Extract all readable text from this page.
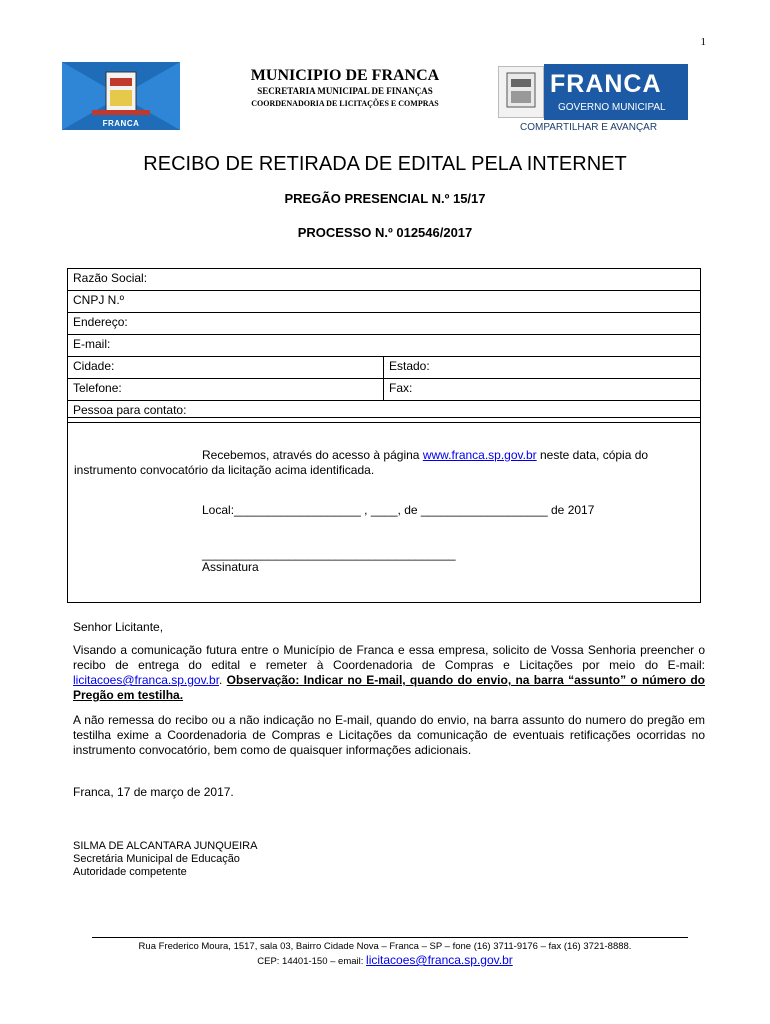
1
FRANCA
MUNICIPIO DE FRANCA
SECRETARIA MUNICIPAL DE FINANÇAS
COORDENADORIA DE LICITAÇÕES E COMPRAS
FRANCA
GOVERNO MUNICIPAL
COMPARTILHAR E AVANÇAR
RECIBO DE RETIRADA DE EDITAL PELA INTERNET
PREGÃO PRESENCIAL N.º 15/17
PROCESSO N.º 012546/2017
Razão Social:	
CNPJ N.º	
Endereço:	
E-mail:	
Cidade:	Estado:
Telefone:	Fax:
Pessoa para contato:	
Recebemos, através do acesso à página www.franca.sp.gov.br neste data, cópia do
instrumento convocatório da licitação acima identificada.
Local:___________________ , ____, de ___________________ de 2017
______________________________________
Assinatura
Senhor Licitante,
Visando a comunicação futura entre o Município de Franca e essa empresa, solicito de Vossa Senhoria preencher o recibo de entrega do edital e remeter à Coordenadoria de Compras e Licitações por meio do E-mail: licitacoes@franca.sp.gov.br. Observação: Indicar no E-mail, quando do envio, na barra “assunto” o número do Pregão em testilha.
A não remessa do recibo ou a não indicação no E-mail, quando do envio, na barra assunto do numero do pregão em testilha exime a Coordenadoria de Compras e Licitações da comunicação de eventuais retificações ocorridas no instrumento convocatório, bem como de quaisquer informações adicionais.
Franca, 17 de março de 2017.
SILMA DE ALCANTARA JUNQUEIRA
Secretária Municipal de Educação
Autoridade competente
Rua Frederico Moura, 1517, sala 03, Bairro Cidade Nova – Franca – SP – fone (16) 3711-9176 – fax (16) 3721-8888.
CEP: 14401-150 – email: licitacoes@franca.sp.gov.br
